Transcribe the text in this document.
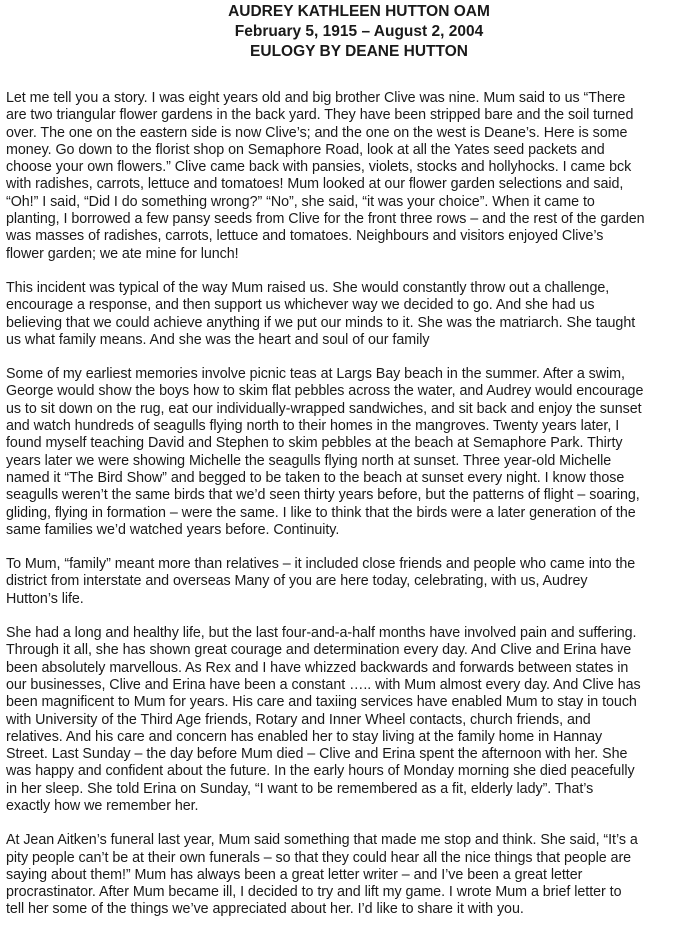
AUDREY KATHLEEN HUTTON OAM
February 5, 1915 – August 2, 2004
EULOGY BY DEANE HUTTON
Let me tell you a story. I was eight years old and big brother Clive was nine. Mum said to us “There
are two triangular flower gardens in the back yard. They have been stripped bare and the soil turned
over. The one on the eastern side is now Clive’s; and the one on the west is Deane’s. Here is some
money. Go down to the florist shop on Semaphore Road, look at all the Yates seed packets and
choose your own flowers.” Clive came back with pansies, violets, stocks and hollyhocks. I came bck
with radishes, carrots, lettuce and tomatoes! Mum looked at our flower garden selections and said,
“Oh!” I said, “Did I do something wrong?” “No”, she said, “it was your choice”. When it came to
planting, I borrowed a few pansy seeds from Clive for the front three rows – and the rest of the garden
was masses of radishes, carrots, lettuce and tomatoes. Neighbours and visitors enjoyed Clive’s
flower garden; we ate mine for lunch!
This incident was typical of the way Mum raised us. She would constantly throw out a challenge,
encourage a response, and then support us whichever way we decided to go. And she had us
believing that we could achieve anything if we put our minds to it. She was the matriarch. She taught
us what family means. And she was the heart and soul of our family
Some of my earliest memories involve picnic teas at Largs Bay beach in the summer. After a swim,
George would show the boys how to skim flat pebbles across the water, and Audrey would encourage
us to sit down on the rug, eat our individually-wrapped sandwiches, and sit back and enjoy the sunset
and watch hundreds of seagulls flying north to their homes in the mangroves. Twenty years later, I
found myself teaching David and Stephen to skim pebbles at the beach at Semaphore Park. Thirty
years later we were showing Michelle the seagulls flying north at sunset. Three year-old Michelle
named it “The Bird Show” and begged to be taken to the beach at sunset every night. I know those
seagulls weren’t the same birds that we’d seen thirty years before, but the patterns of flight – soaring,
gliding, flying in formation – were the same. I like to think that the birds were a later generation of the
same families we’d watched years before. Continuity.
To Mum, “family” meant more than relatives – it included close friends and people who came into the
district from interstate and overseas Many of you are here today, celebrating, with us, Audrey
Hutton’s life.
She had a long and healthy life, but the last four-and-a-half months have involved pain and suffering.
Through it all, she has shown great courage and determination every day. And Clive and Erina have
been absolutely marvellous. As Rex and I have whizzed backwards and forwards between states in
our businesses, Clive and Erina have been a constant ….. with Mum almost every day. And Clive has
been magnificent to Mum for years. His care and taxiing services have enabled Mum to stay in touch
with University of the Third Age friends, Rotary and Inner Wheel contacts, church friends, and
relatives. And his care and concern has enabled her to stay living at the family home in Hannay
Street. Last Sunday – the day before Mum died – Clive and Erina spent the afternoon with her. She
was happy and confident about the future. In the early hours of Monday morning she died peacefully
in her sleep. She told Erina on Sunday, “I want to be remembered as a fit, elderly lady”. That’s
exactly how we remember her.
At Jean Aitken’s funeral last year, Mum said something that made me stop and think. She said, “It’s a
pity people can’t be at their own funerals – so that they could hear all the nice things that people are
saying about them!” Mum has always been a great letter writer – and I’ve been a great letter
procrastinator. After Mum became ill, I decided to try and lift my game. I wrote Mum a brief letter to
tell her some of the things we’ve appreciated about her. I’d like to share it with you.
